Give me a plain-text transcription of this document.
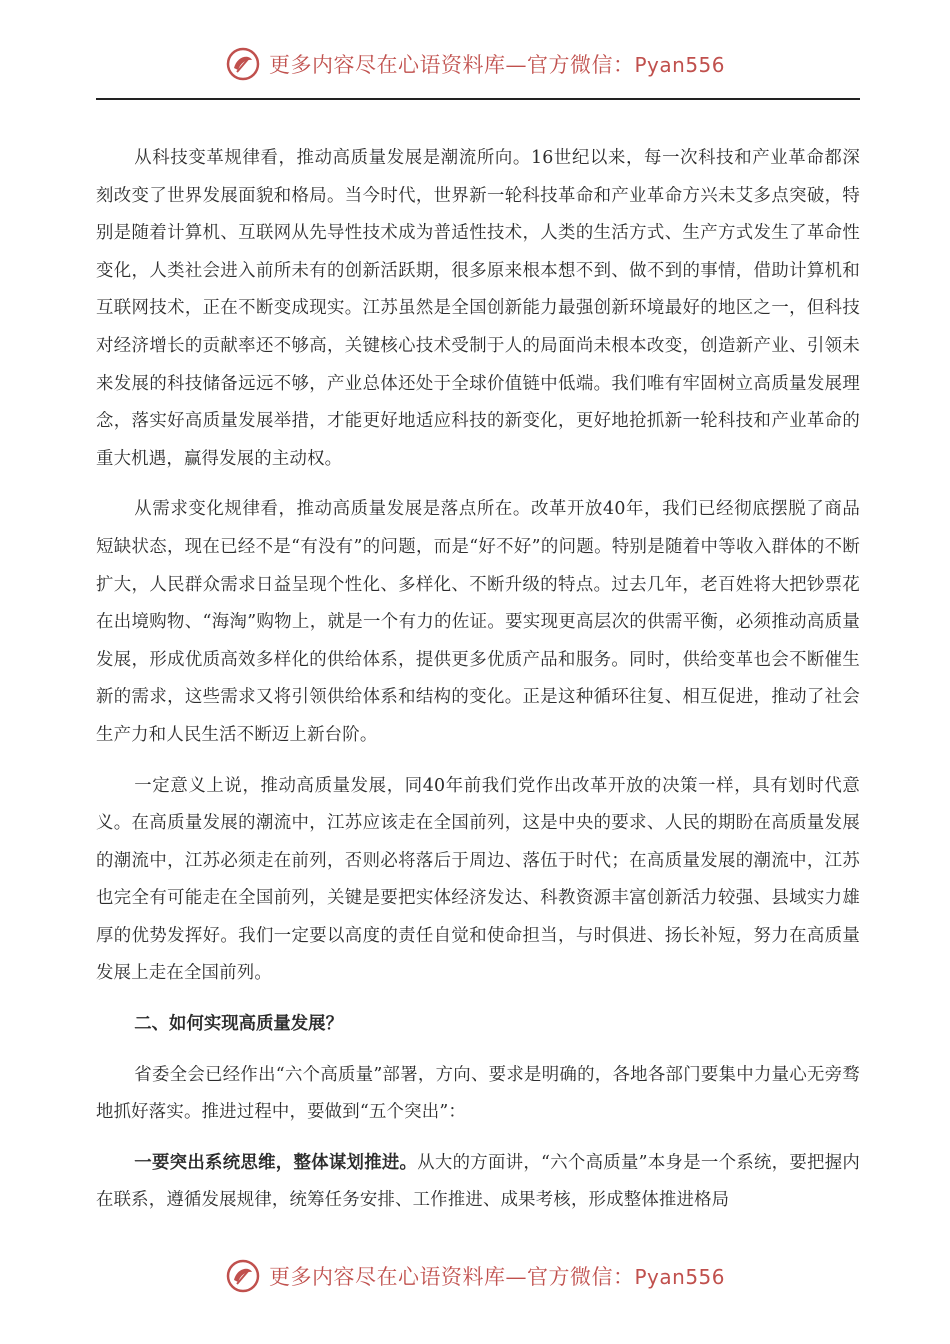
更多内容尽在心语资料库—官方微信：Pyan556

从科技变革规律看，推动高质量发展是潮流所向。16世纪以来，每一次科技和产业革命都深刻改变了世界发展面貌和格局。当今时代，世界新一轮科技革命和产业革命方兴未艾多点突破，特别是随着计算机、互联网从先导性技术成为普适性技术，人类的生活方式、生产方式发生了革命性变化，人类社会进入前所未有的创新活跃期，很多原来根本想不到、做不到的事情，借助计算机和互联网技术，正在不断变成现实。江苏虽然是全国创新能力最强创新环境最好的地区之一，但科技对经济增长的贡献率还不够高，关键核心技术受制于人的局面尚未根本改变，创造新产业、引领未来发展的科技储备远远不够，产业总体还处于全球价值链中低端。我们唯有牢固树立高质量发展理念，落实好高质量发展举措，才能更好地适应科技的新变化，更好地抢抓新一轮科技和产业革命的重大机遇，赢得发展的主动权。

从需求变化规律看，推动高质量发展是落点所在。改革开放40年，我们已经彻底摆脱了商品短缺状态，现在已经不是“有没有”的问题，而是“好不好”的问题。特别是随着中等收入群体的不断扩大，人民群众需求日益呈现个性化、多样化、不断升级的特点。过去几年，老百姓将大把钞票花在出境购物、“海淘”购物上，就是一个有力的佐证。要实现更高层次的供需平衡，必须推动高质量发展，形成优质高效多样化的供给体系，提供更多优质产品和服务。同时，供给变革也会不断催生新的需求，这些需求又将引领供给体系和结构的变化。正是这种循环往复、相互促进，推动了社会生产力和人民生活不断迈上新台阶。

一定意义上说，推动高质量发展，同40年前我们党作出改革开放的决策一样，具有划时代意义。在高质量发展的潮流中，江苏应该走在全国前列，这是中央的要求、人民的期盼在高质量发展的潮流中，江苏必须走在前列，否则必将落后于周边、落伍于时代；在高质量发展的潮流中，江苏也完全有可能走在全国前列，关键是要把实体经济发达、科教资源丰富创新活力较强、县域实力雄厚的优势发挥好。我们一定要以高度的责任自觉和使命担当，与时俱进、扬长补短，努力在高质量发展上走在全国前列。

二、如何实现高质量发展？

省委全会已经作出“六个高质量”部署，方向、要求是明确的，各地各部门要集中力量心无旁骛地抓好落实。推进过程中，要做到“五个突出”：

一要突出系统思维，整体谋划推进。从大的方面讲，“六个高质量”本身是一个系统，要把握内在联系，遵循发展规律，统筹任务安排、工作推进、成果考核，形成整体推进格局

更多内容尽在心语资料库—官方微信：Pyan556
